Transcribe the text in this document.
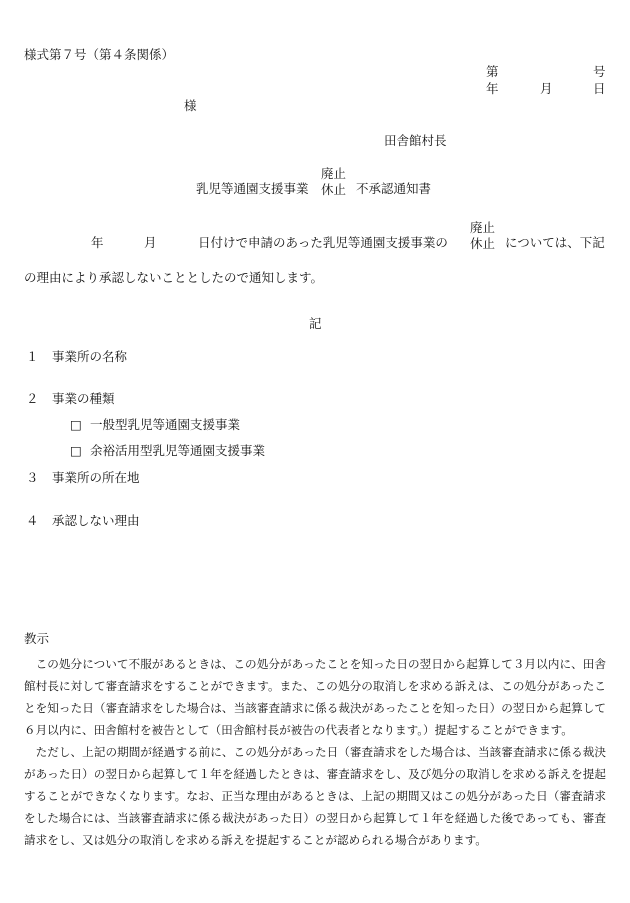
様式第７号（第４条関係）
第	号
年	月	日
様
田舎館村長
乳児等通園支援事業
廃止
休止 不承認通知書
年	月	日付けで申請のあった乳児等通園支援事業の
廃止
休止 については、下記
の理由により承認しないこととしたので通知します。
記
１ 事業所の名称
２ 事業の種類
□ 一般型乳児等通園支援事業
□ 余裕活用型乳児等通園支援事業
３ 事業所の所在地
４ 承認しない理由
教示
この処分について不服があるときは、この処分があったことを知った日の翌日から起算して３月以内に、田舎館村長に対して審査請求をすることができます。また、この処分の取消しを求める訴えは、この処分があったことを知った日（審査請求をした場合は、当該審査請求に係る裁決があったことを知った日）の翌日から起算して６月以内に、田舎館村を被告として（田舎館村長が被告の代表者となります。）提起することができます。
ただし、上記の期間が経過する前に、この処分があった日（審査請求をした場合は、当該審査請求に係る裁決があった日）の翌日から起算して１年を経過したときは、審査請求をし、及び処分の取消しを求める訴えを提起することができなくなります。なお、正当な理由があるときは、上記の期間又はこの処分があった日（審査請求をした場合には、当該審査請求に係る裁決があった日）の翌日から起算して１年を経過した後であっても、審査請求をし、又は処分の取消しを求める訴えを提起することが認められる場合があります。
